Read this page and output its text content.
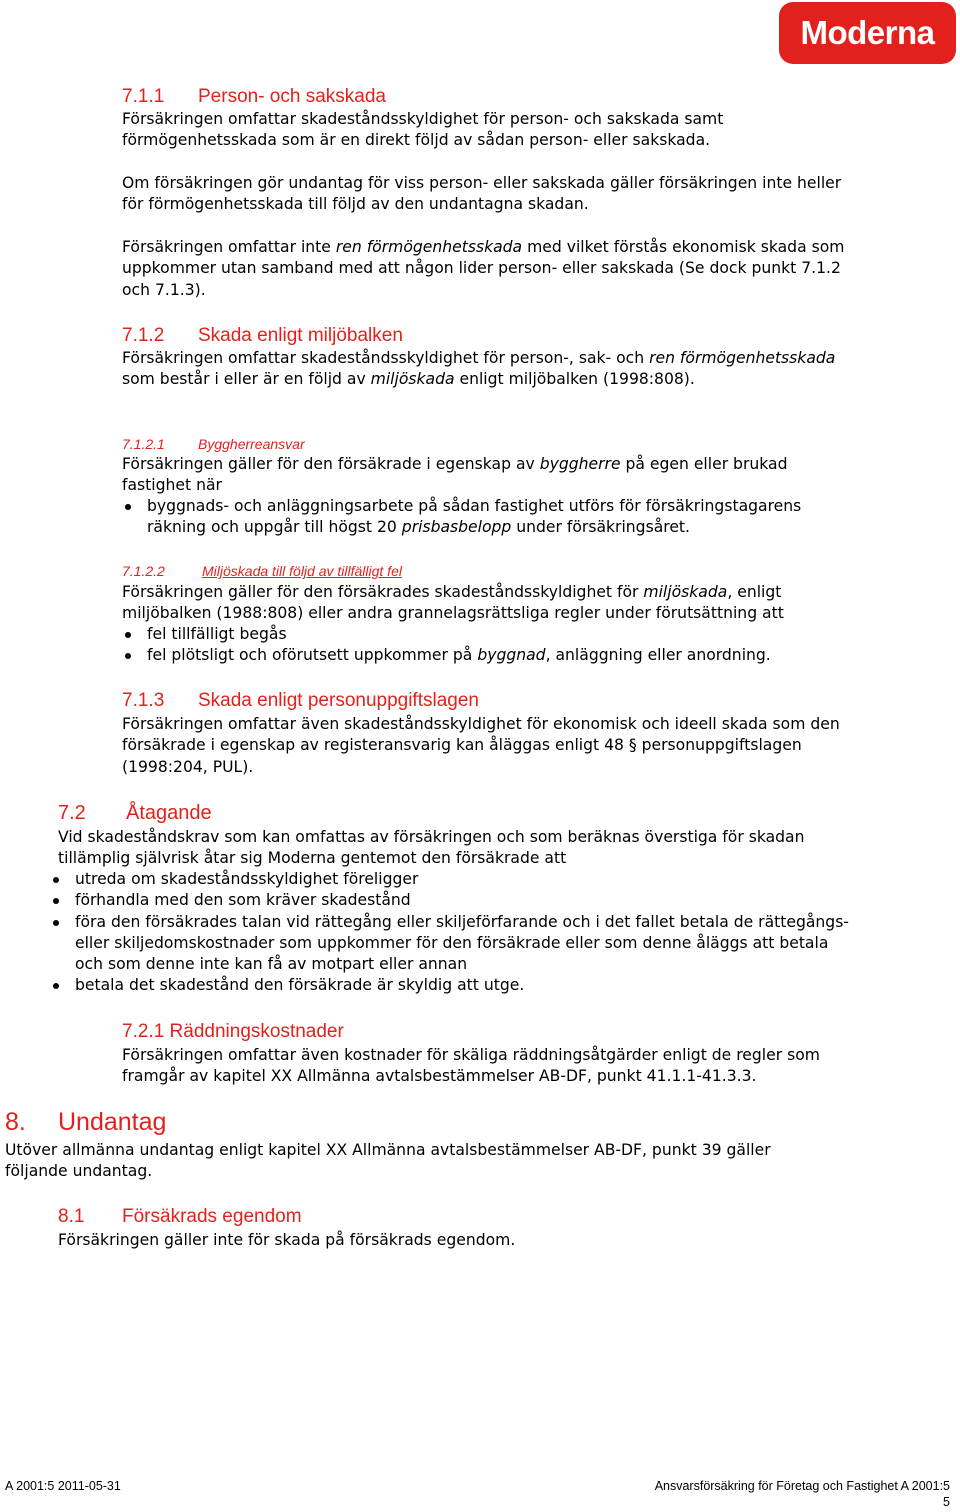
Moderna
7.1.1 Person- och sakskada

Försäkringen omfattar skadeståndsskyldighet för person- och sakskada samt förmögenhetsskada som är en direkt följd av sådan person- eller sakskada.

Om försäkringen gör undantag för viss person- eller sakskada gäller försäkringen inte heller för förmögenhetsskada till följd av den undantagna skadan.

Försäkringen omfattar inte ren förmögenhetsskada med vilket förstås ekonomisk skada som uppkommer utan samband med att någon lider person- eller sakskada (Se dock punkt 7.1.2 och 7.1.3).

7.1.2 Skada enligt miljöbalken

Försäkringen omfattar skadeståndsskyldighet för person-, sak- och ren förmögenhetsskada som består i eller är en följd av miljöskada enligt miljöbalken (1998:808).

7.1.2.1 Byggherreansvar

Försäkringen gäller för den försäkrade i egenskap av byggherre på egen eller brukad fastighet när

byggnads- och anläggningsarbete på sådan fastighet utförs för försäkringstagarens räkning och uppgår till högst 20 prisbasbelopp under försäkringsåret.
7.1.2.2	Miljöskada till följd av tillfälligt fel

Försäkringen gäller för den försäkrades skadeståndsskyldighet för miljöskada, enligt miljöbalken (1988:808) eller andra grannelagsrättsliga regler under förutsättning att

fel tillfälligt begås
fel plötsligt och oförutsett uppkommer på byggnad, anläggning eller anordning.
7.1.3 Skada enligt personuppgiftslagen

Försäkringen omfattar även skadeståndsskyldighet för ekonomisk och ideell skada som den försäkrade i egenskap av registeransvarig kan åläggas enligt 48 § personuppgiftslagen (1998:204, PUL).

7.2 Åtagande

Vid skadeståndskrav som kan omfattas av försäkringen och som beräknas överstiga för skadan tillämplig självrisk åtar sig Moderna gentemot den försäkrade att

utreda om skadeståndsskyldighet föreligger
förhandla med den som kräver skadestånd
föra den försäkrades talan vid rättegång eller skiljeförfarande och i det fallet betala de rättegångs- eller skiljedomskostnader som uppkommer för den försäkrade eller som denne åläggs att betala och som denne inte kan få av motpart eller annan
betala det skadestånd den försäkrade är skyldig att utge.
7.2.1 Räddningskostnader

Försäkringen omfattar även kostnader för skäliga räddningsåtgärder enligt de regler som framgår av kapitel XX Allmänna avtalsbestämmelser AB-DF, punkt 41.1.1-41.3.3.

8. Undantag

Utöver allmänna undantag enligt kapitel XX Allmänna avtalsbestämmelser AB-DF, punkt 39 gäller följande undantag.

8.1 Försäkrads egendom

Försäkringen gäller inte för skada på försäkrads egendom.

A 2001:5 2011-05-31	Ansvarsförsäkring för Företag och Fastighet A 2001:5
5
